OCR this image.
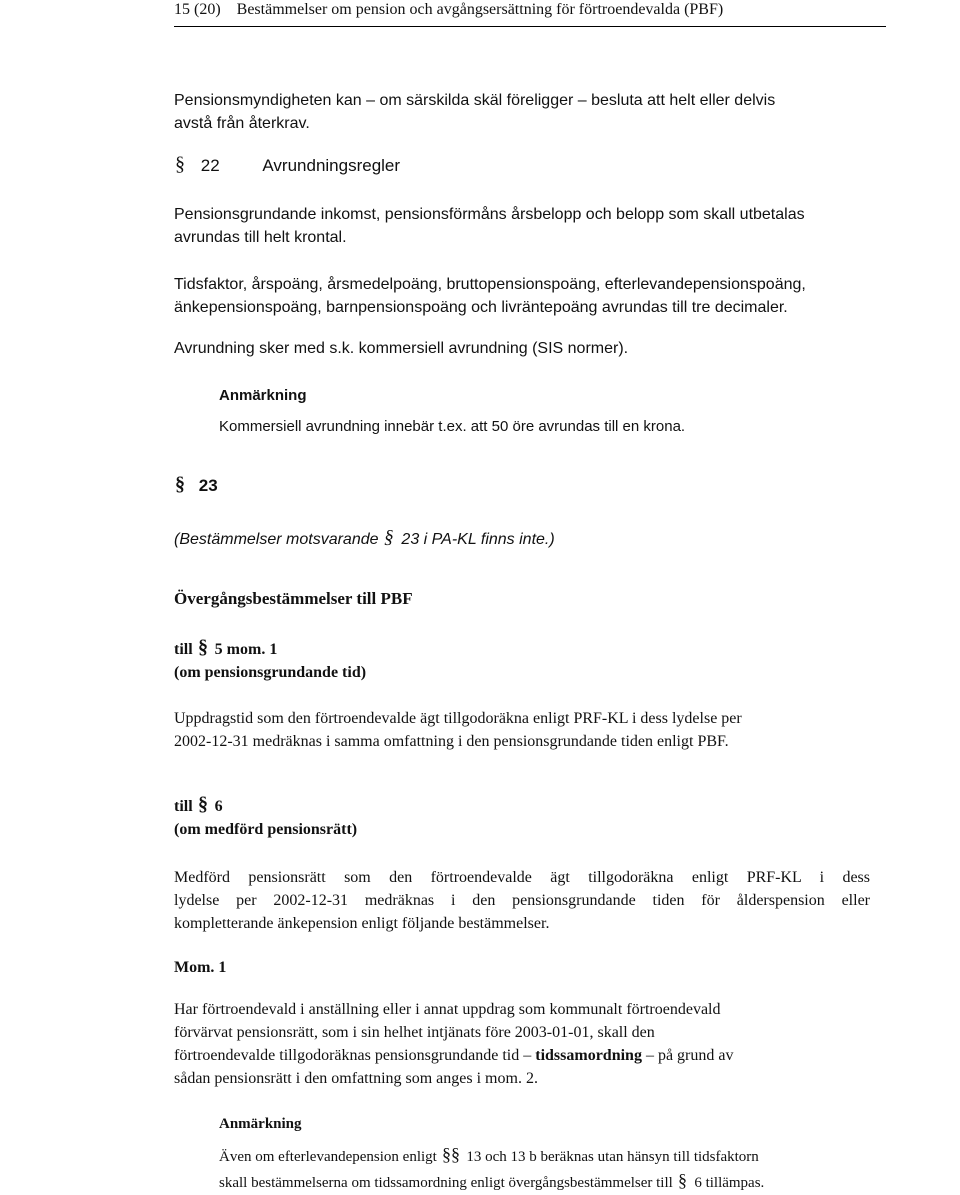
15 (20) Bestämmelser om pension och avgångsersättning för förtroendevalda (PBF)
Pensionsmyndigheten kan – om särskilda skäl föreligger – besluta att helt eller delvis
avstå från återkrav.
§ 22	Avrundningsregler
Pensionsgrundande inkomst, pensionsförmåns årsbelopp och belopp som skall utbetalas
avrundas till helt krontal.
Tidsfaktor, årspoäng, årsmedelpoäng, bruttopensionspoäng, efterlevandepensionspoäng,
änkepensionspoäng, barnpensionspoäng och livräntepoäng avrundas till tre decimaler.
Avrundning sker med s.k. kommersiell avrundning (SIS normer).
Anmärkning
Kommersiell avrundning innebär t.ex. att 50 öre avrundas till en krona.
§ 23
(Bestämmelser motsvarande § 23 i PA-KL finns inte.)
Övergångsbestämmelser till PBF
till § 5 mom. 1
(om pensionsgrundande tid)
Uppdragstid som den förtroendevalde ägt tillgodoräkna enligt PRF-KL i dess lydelse per
2002-12-31 medräknas i samma omfattning i den pensionsgrundande tiden enligt PBF.
till § 6
(om medförd pensionsrätt)
Medförd pensionsrätt som den förtroendevalde ägt tillgodoräkna enligt PRF-KL i dess
lydelse per 2002-12-31 medräknas i den pensionsgrundande tiden för ålderspension eller
kompletterande änkepension enligt följande bestämmelser.
Mom. 1
Har förtroendevald i anställning eller i annat uppdrag som kommunalt förtroendevald
förvärvat pensionsrätt, som i sin helhet intjänats före 2003-01-01, skall den
förtroendevalde tillgodoräknas pensionsgrundande tid – tidssamordning – på grund av
sådan pensionsrätt i den omfattning som anges i mom. 2.
Anmärkning
Även om efterlevandepension enligt §§ 13 och 13 b beräknas utan hänsyn till tidsfaktorn
skall bestämmelserna om tidssamordning enligt övergångsbestämmelser till § 6 tillämpas.
